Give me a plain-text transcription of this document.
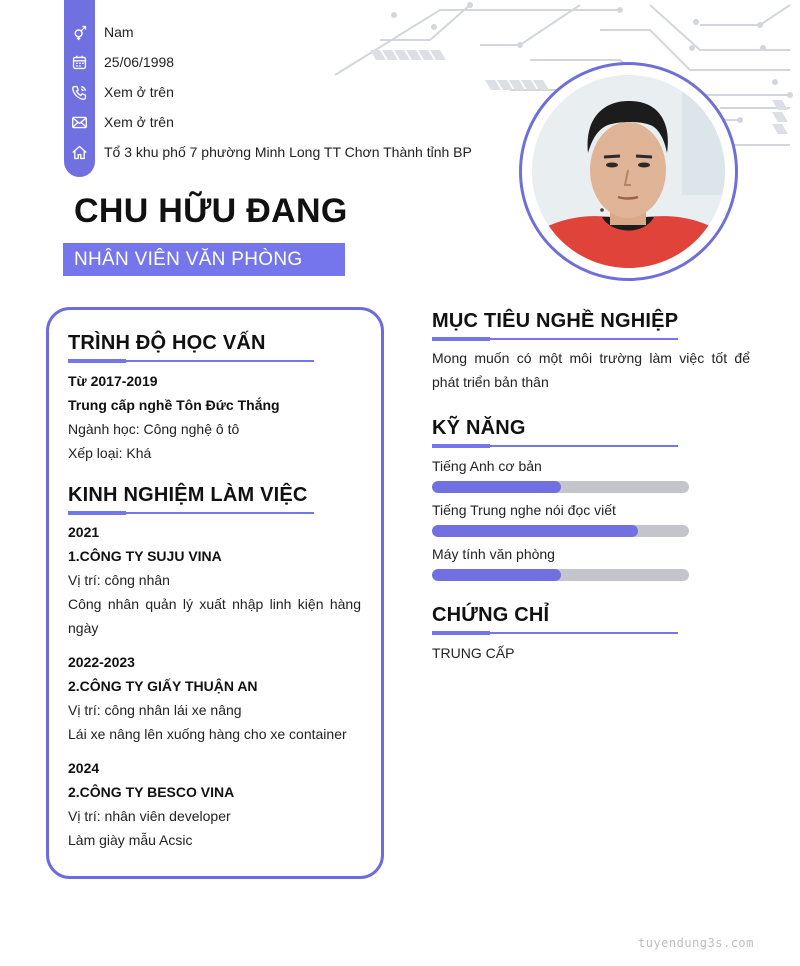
Nam
25/06/1998
Xem ở trên
Xem ở trên
Tổ 3 khu phố 7 phường Minh Long TT Chơn Thành tỉnh BP
CHU HỮU ĐANG
NHÂN VIÊN VĂN PHÒNG
TRÌNH ĐỘ HỌC VẤN
Từ 2017-2019
Trung cấp nghề Tôn Đức Thắng
Ngành học: Công nghệ ô tô
Xếp loại: Khá
KINH NGHIỆM LÀM VIỆC
2021
1.CÔNG TY SUJU VINA
Vị trí: công nhân
Công nhân quản lý xuất nhập linh kiện hàng ngày
2022-2023
2.CÔNG TY GIẤY THUẬN AN
Vị trí: công nhân lái xe nâng
Lái xe nâng lên xuống hàng cho xe container
2024
2.CÔNG TY BESCO VINA
Vị trí: nhân viên developer
Làm giày mẫu Acsic
MỤC TIÊU NGHỀ NGHIỆP
Mong muốn có một môi trường làm việc tốt để phát triển bản thân
KỸ NĂNG
Tiếng Anh cơ bản
Tiếng Trung nghe nói đọc viết
Máy tính văn phòng
CHỨNG CHỈ
TRUNG CẤP
tuyendung3s.com
